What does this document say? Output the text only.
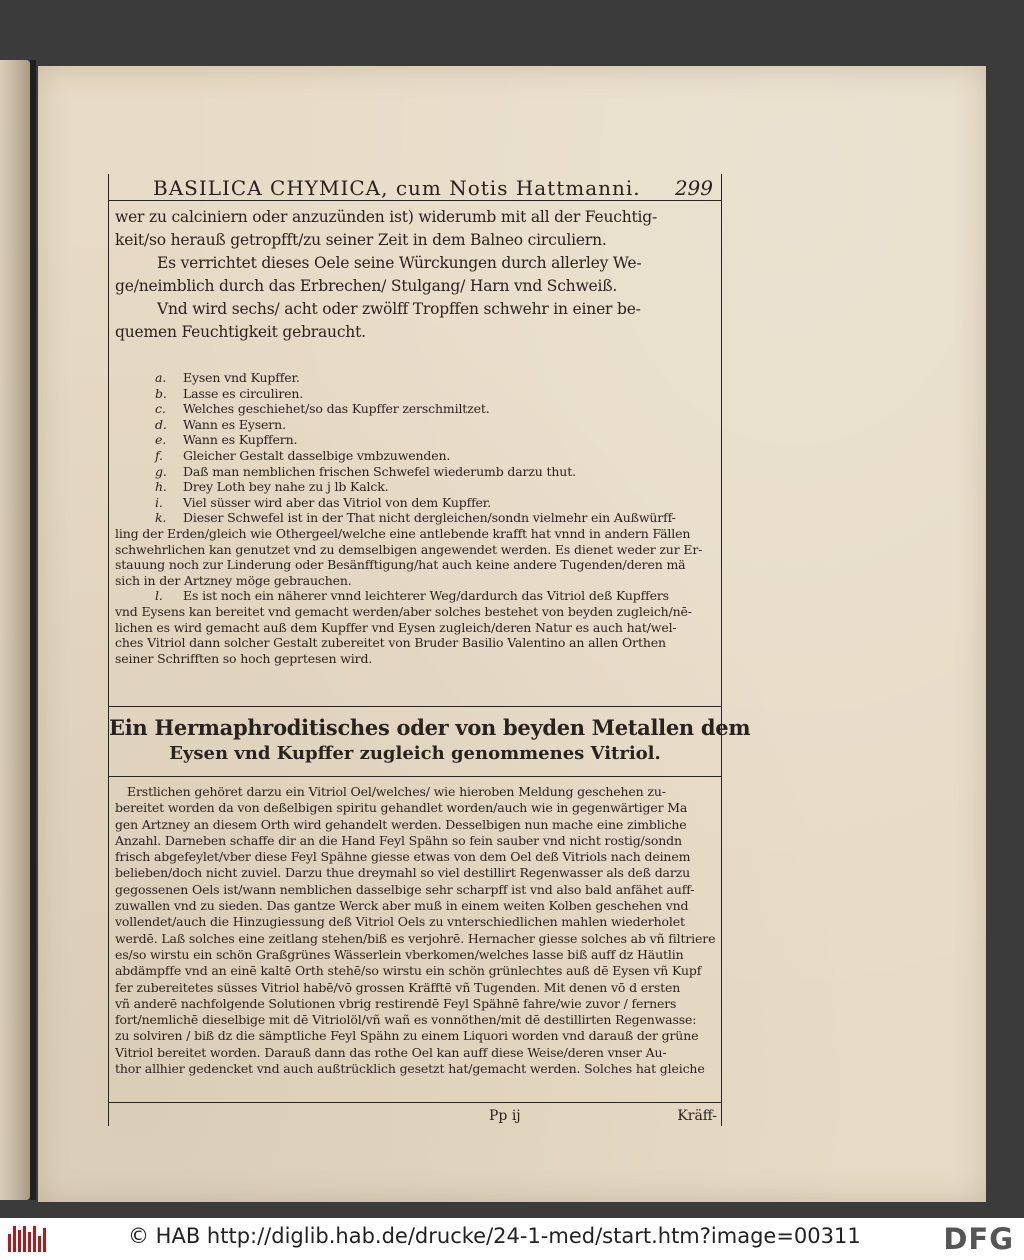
BASILICA CHYMICA, cum Notis Hattmanni. 299
wer zu calciniern oder anzuzünden ist) widerumb mit all der Feuchtig-
keit/so herauß getropfft/zu seiner Zeit in dem Balneo circuliern.
Es verrichtet dieses Oele seine Würckungen durch allerley We-
ge/neimblich durch das Erbrechen/ Stulgang/ Harn vnd Schweiß.
Vnd wird sechs/ acht oder zwölff Tropffen schwehr in einer be-
quemen Feuchtigkeit gebraucht.
a. Eysen vnd Kupffer.
b. Lasse es circuliren.
c. Welches geschiehet/so das Kupffer zerschmiltzet.
d. Wann es Eysern.
e. Wann es Kupffern.
f. Gleicher Gestalt dasselbige vmbzuwenden.
g. Daß man nemblichen frischen Schwefel wiederumb darzu thut.
h. Drey Loth bey nahe zu j lb Kalck.
i. Viel süsser wird aber das Vitriol von dem Kupffer.
k. Dieser Schwefel ist in der That nicht dergleichen/sondn vielmehr ein Außwürff-
ling der Erden/gleich wie Othergeel/welche eine antlebende krafft hat vnnd in andern Fällen
schwehrlichen kan genutzet vnd zu demselbigen angewendet werden. Es dienet weder zur Er-
stauung noch zur Linderung oder Besänfftigung/hat auch keine andere Tugenden/deren mä
sich in der Artzney möge gebrauchen.
l. Es ist noch ein näherer vnnd leichterer Weg/dardurch das Vitriol deß Kupffers
vnd Eysens kan bereitet vnd gemacht werden/aber solches bestehet von beyden zugleich/nē-
lichen es wird gemacht auß dem Kupffer vnd Eysen zugleich/deren Natur es auch hat/wel-
ches Vitriol dann solcher Gestalt zubereitet von Bruder Basilio Valentino an allen Orthen
seiner Schrifften so hoch geprtesen wird.
Ein Hermaphroditisches oder von beyden Metallen dem
Eysen vnd Kupffer zugleich genommenes Vitriol.
Erstlichen gehöret darzu ein Vitriol Oel/welches/ wie hieroben Meldung geschehen zu-
bereitet worden da von deßelbigen spiritu gehandlet worden/auch wie in gegenwärtiger Ma
gen Artzney an diesem Orth wird gehandelt werden. Desselbigen nun mache eine zimbliche
Anzahl. Darneben schaffe dir an die Hand Feyl Spähn so fein sauber vnd nicht rostig/sondn
frisch abgefeylet/vber diese Feyl Spähne giesse etwas von dem Oel deß Vitriols nach deinem
belieben/doch nicht zuviel. Darzu thue dreymahl so viel destillirt Regenwasser als deß darzu
gegossenen Oels ist/wann nemblichen dasselbige sehr scharpff ist vnd also bald anfähet auff-
zuwallen vnd zu sieden. Das gantze Werck aber muß in einem weiten Kolben geschehen vnd
vollendet/auch die Hinzugiessung deß Vitriol Oels zu vnterschiedlichen mahlen wiederholet
werdē. Laß solches eine zeitlang stehen/biß es verjohrē. Hernacher giesse solches ab vñ filtriere
es/so wirstu ein schön Graßgrünes Wässerlein vberkomen/welches lasse biß auff dz Häutlin
abdämpffe vnd an einē kaltē Orth stehē/so wirstu ein schön grünlechtes auß dē Eysen vñ Kupf
fer zubereitetes süsses Vitriol habē/vō grossen Kräfftē vñ Tugenden. Mit denen vō d ersten
vñ anderē nachfolgende Solutionen vbrig restirendē Feyl Spähnē fahre/wie zuvor / ferners
fort/nemlichē dieselbige mit dē Vitriolöl/vñ wañ es vonnöthen/mit dē destillirten Regenwasse:
zu solviren / biß dz die sämptliche Feyl Spähn zu einem Liquori worden vnd darauß der grüne
Vitriol bereitet worden. Darauß dann das rothe Oel kan auff diese Weise/deren vnser Au-
thor allhier gedencket vnd auch außtrücklich gesetzt hat/gemacht werden. Solches hat gleiche
Pp ij	Kräff-
© HAB http://diglib.hab.de/drucke/24-1-med/start.htm?image=00311	DFG
